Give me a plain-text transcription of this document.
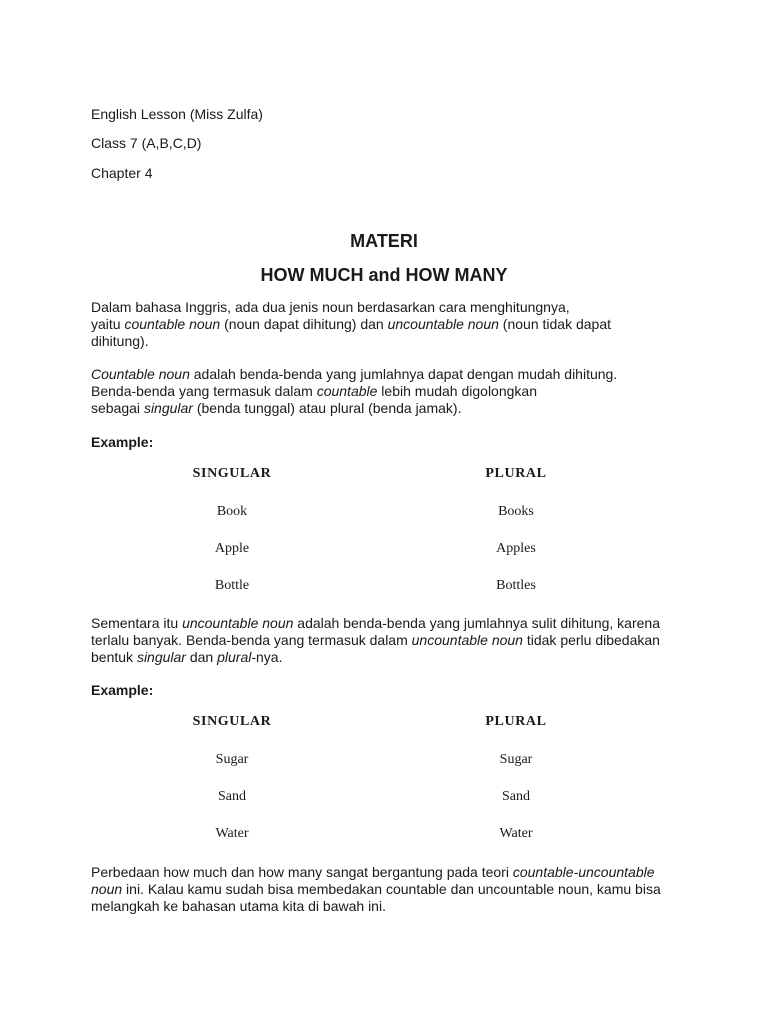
English Lesson (Miss Zulfa)
Class 7 (A,B,C,D)
Chapter 4
MATERI
HOW MUCH and HOW MANY
Dalam bahasa Inggris, ada dua jenis noun berdasarkan cara menghitungnya,
yaitu countable noun (noun dapat dihitung) dan uncountable noun (noun tidak dapat
dihitung).
Countable noun adalah benda-benda yang jumlahnya dapat dengan mudah dihitung.
Benda-benda yang termasuk dalam countable lebih mudah digolongkan
sebagai singular (benda tunggal) atau plural (benda jamak).
Example:
SINGULAR	PLURAL
Book	Books
Apple	Apples
Bottle	Bottles
Sementara itu uncountable noun adalah benda-benda yang jumlahnya sulit dihitung, karena
terlalu banyak. Benda-benda yang termasuk dalam uncountable noun tidak perlu dibedakan
bentuk singular dan plural-nya.
Example:
SINGULAR	PLURAL
Sugar	Sugar
Sand	Sand
Water	Water
Perbedaan how much dan how many sangat bergantung pada teori countable-uncountable
noun ini. Kalau kamu sudah bisa membedakan countable dan uncountable noun, kamu bisa
melangkah ke bahasan utama kita di bawah ini.
